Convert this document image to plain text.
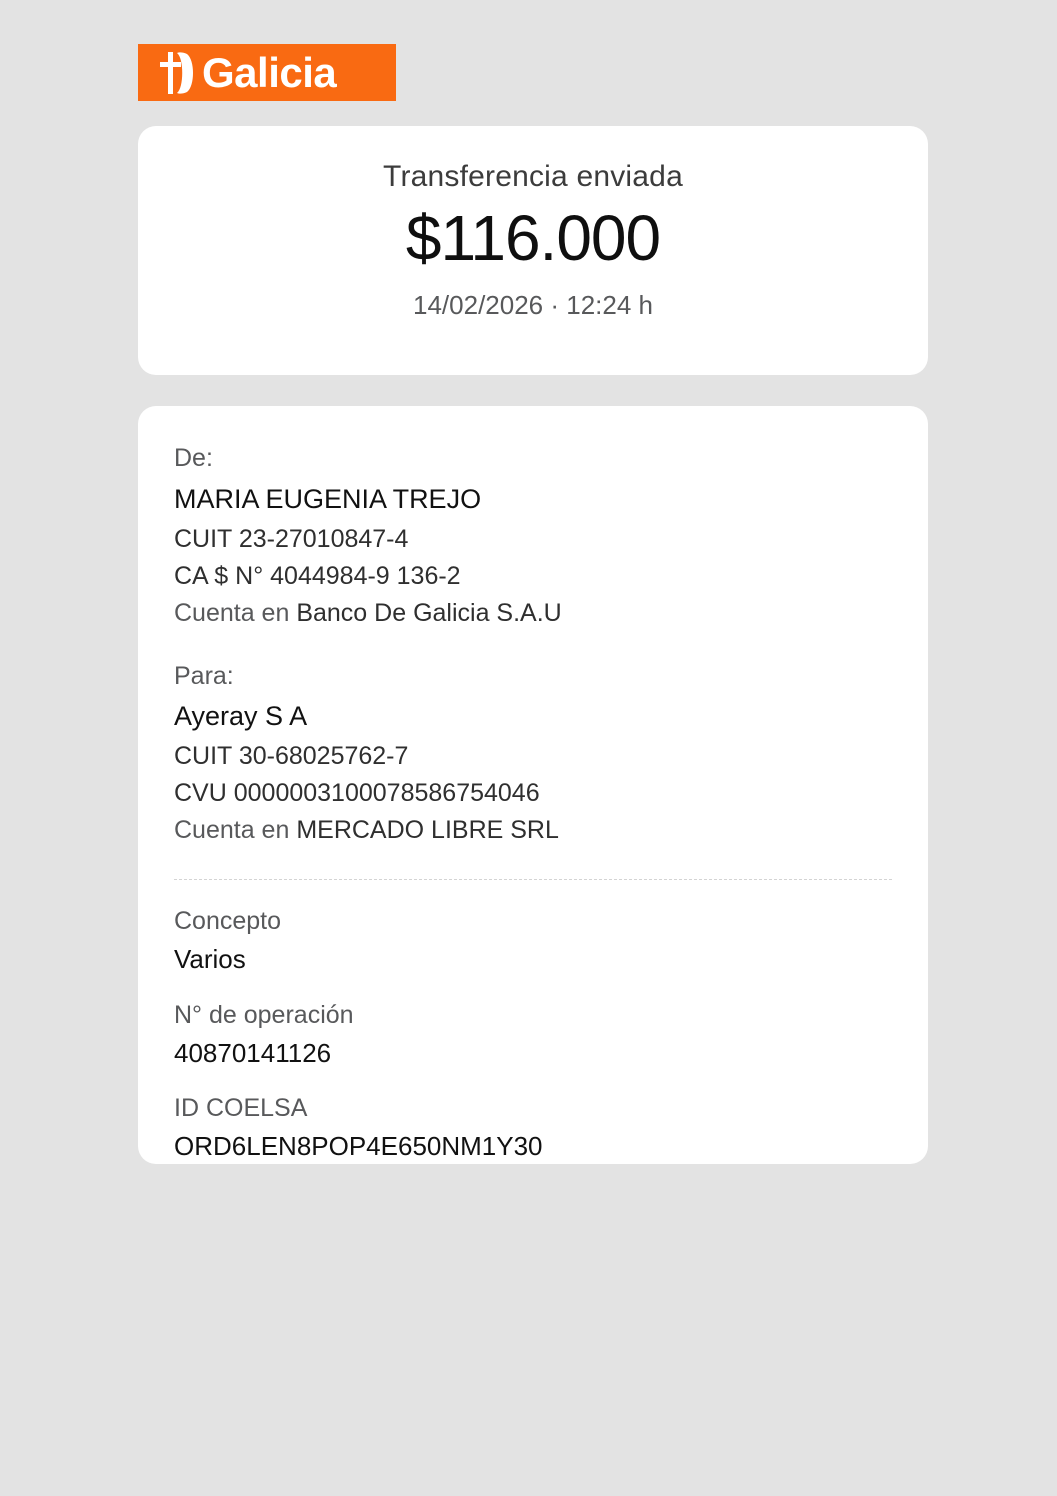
Galicia

Transferencia enviada

$116.000

14/02/2026 · 12:24 h

De:

MARIA EUGENIA TREJO

CUIT 23-27010847-4

CA $ N° 4044984-9 136-2

Cuenta en Banco De Galicia S.A.U

Para:

Ayeray S A

CUIT 30-68025762-7

CVU 0000003100078586754046

Cuenta en MERCADO LIBRE SRL

Concepto

Varios

N° de operación

40870141126

ID COELSA

ORD6LEN8POP4E650NM1Y30
